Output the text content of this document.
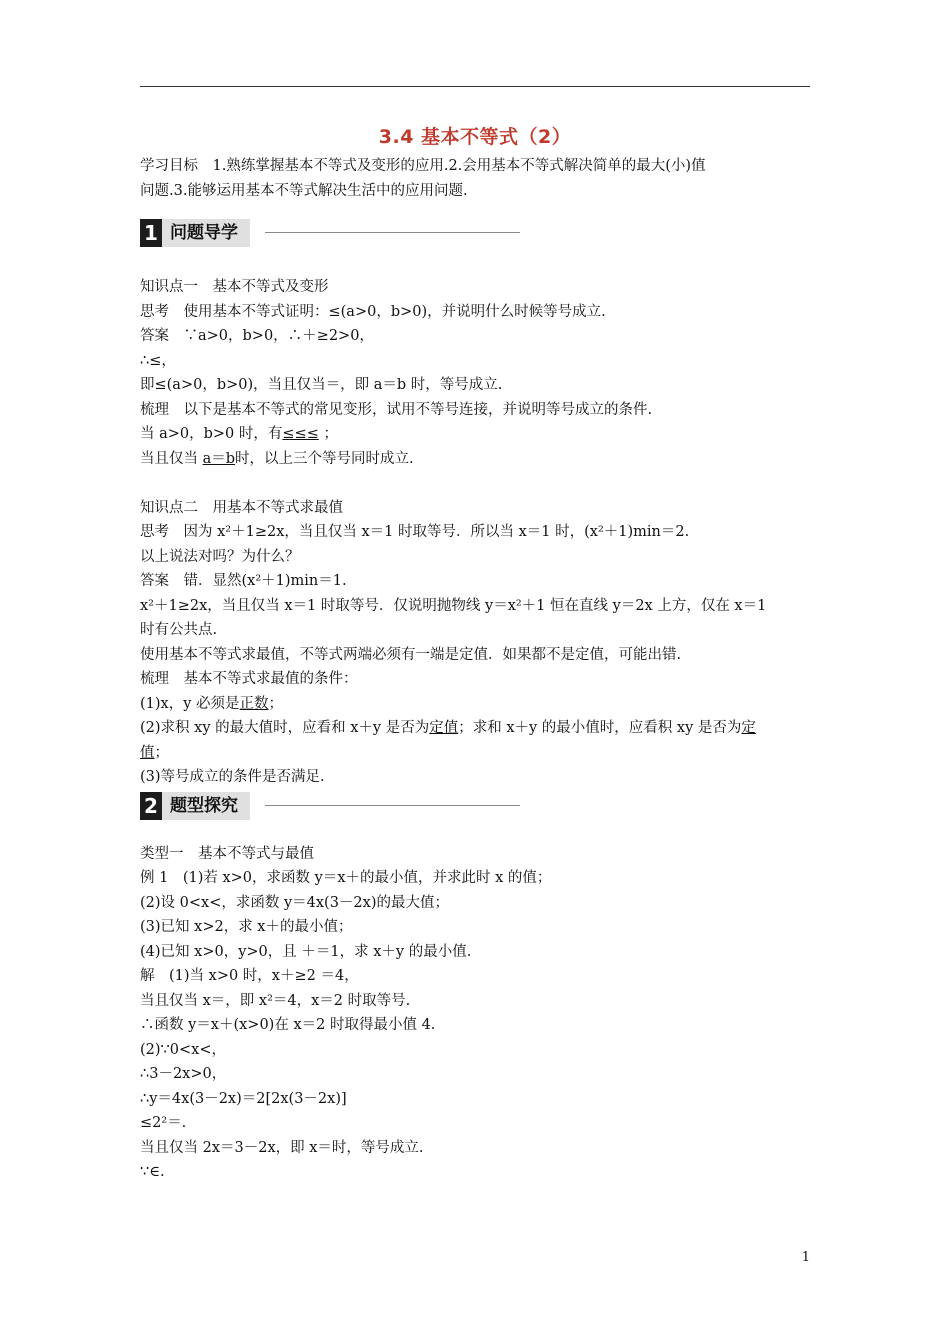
3.4 基本不等式（2）

学习目标　1.熟练掌握基本不等式及变形的应用.2.会用基本不等式解决简单的最大(小)值

问题.3.能够运用基本不等式解决生活中的应用问题.

1 问题导学

知识点一　基本不等式及变形

思考　使用基本不等式证明：≤(a>0，b>0)，并说明什么时候等号成立.

答案　∵a>0，b>0，∴＋≥2>0，

∴≤，

即≤(a>0，b>0)，当且仅当＝，即 a＝b 时，等号成立.

梳理　以下是基本不等式的常见变形，试用不等号连接，并说明等号成立的条件.

当 a>0，b>0 时，有≤≤≤ ；

当且仅当 a＝b时，以上三个等号同时成立.

知识点二　用基本不等式求最值

思考　因为 x²＋1≥2x，当且仅当 x＝1 时取等号．所以当 x＝1 时，(x²＋1)min＝2.

以上说法对吗？为什么？

答案　错．显然(x²＋1)min＝1.

x²＋1≥2x，当且仅当 x＝1 时取等号．仅说明抛物线 y＝x²＋1 恒在直线 y＝2x 上方，仅在 x＝1

时有公共点.

使用基本不等式求最值，不等式两端必须有一端是定值．如果都不是定值，可能出错.

梳理　基本不等式求最值的条件：

(1)x，y 必须是正数；

(2)求积 xy 的最大值时，应看和 x＋y 是否为定值；求和 x＋y 的最小值时，应看积 xy 是否为定

值；

(3)等号成立的条件是否满足.

2 题型探究

类型一　基本不等式与最值

例 1　(1)若 x>0，求函数 y＝x＋的最小值，并求此时 x 的值；

(2)设 0<x<，求函数 y＝4x(3－2x)的最大值；

(3)已知 x>2，求 x＋的最小值；

(4)已知 x>0，y>0，且 ＋＝1，求 x＋y 的最小值.

解　(1)当 x>0 时，x＋≥2 ＝4，

当且仅当 x＝，即 x²＝4，x＝2 时取等号.

∴函数 y＝x＋(x>0)在 x＝2 时取得最小值 4.

(2)∵0<x<，

∴3－2x>0，

∴y＝4x(3－2x)＝2[2x(3－2x)]

≤2²＝.

当且仅当 2x＝3－2x，即 x＝时，等号成立.

∵∈.

1
